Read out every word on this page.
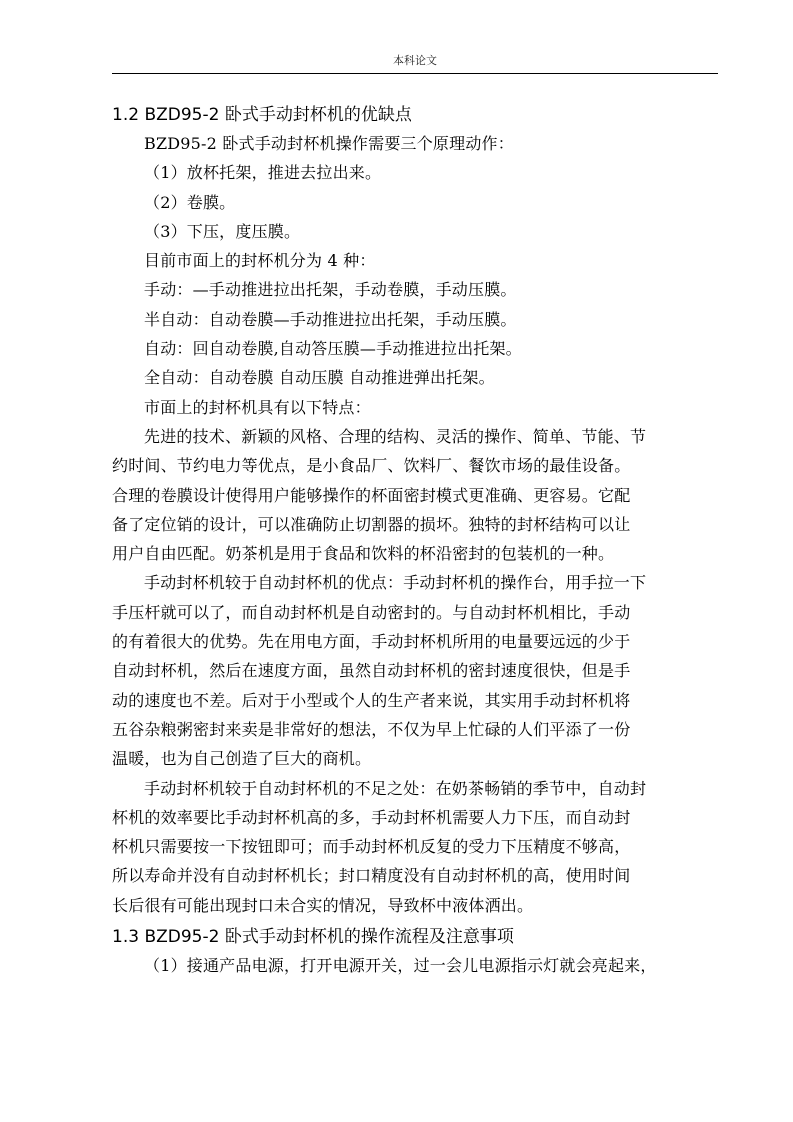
本科论文
1.2 BZD95-2 卧式手动封杯机的优缺点
BZD95-2 卧式手动封杯机操作需要三个原理动作：
（1）放杯托架，推进去拉出来。
（2）卷膜。
（3）下压，度压膜。
目前市面上的封杯机分为 4 种：
手动：—手动推进拉出托架，手动卷膜，手动压膜。
半自动：自动卷膜—手动推进拉出托架，手动压膜。
自动：回自动卷膜,自动答压膜—手动推进拉出托架。
全自动：自动卷膜 自动压膜 自动推进弹出托架。
市面上的封杯机具有以下特点：
先进的技术、新颖的风格、合理的结构、灵活的操作、简单、节能、节
约时间、节约电力等优点，是小食品厂、饮料厂、餐饮市场的最佳设备。
合理的卷膜设计使得用户能够操作的杯面密封模式更准确、更容易。它配
备了定位销的设计，可以准确防止切割器的损坏。独特的封杯结构可以让
用户自由匹配。奶茶机是用于食品和饮料的杯沿密封的包装机的一种。
手动封杯机较于自动封杯机的优点：手动封杯机的操作台，用手拉一下
手压杆就可以了，而自动封杯机是自动密封的。与自动封杯机相比，手动
的有着很大的优势。先在用电方面，手动封杯机所用的电量要远远的少于
自动封杯机，然后在速度方面，虽然自动封杯机的密封速度很快，但是手
动的速度也不差。后对于小型或个人的生产者来说，其实用手动封杯机将
五谷杂粮粥密封来卖是非常好的想法，不仅为早上忙碌的人们平添了一份
温暖，也为自己创造了巨大的商机。
手动封杯机较于自动封杯机的不足之处：在奶茶畅销的季节中，自动封
杯机的效率要比手动封杯机高的多，手动封杯机需要人力下压，而自动封
杯机只需要按一下按钮即可；而手动封杯机反复的受力下压精度不够高，
所以寿命并没有自动封杯机长；封口精度没有自动封杯机的高，使用时间
长后很有可能出现封口未合实的情况，导致杯中液体洒出。
1.3 BZD95-2 卧式手动封杯机的操作流程及注意事项
（1）接通产品电源，打开电源开关，过一会儿电源指示灯就会亮起来，
